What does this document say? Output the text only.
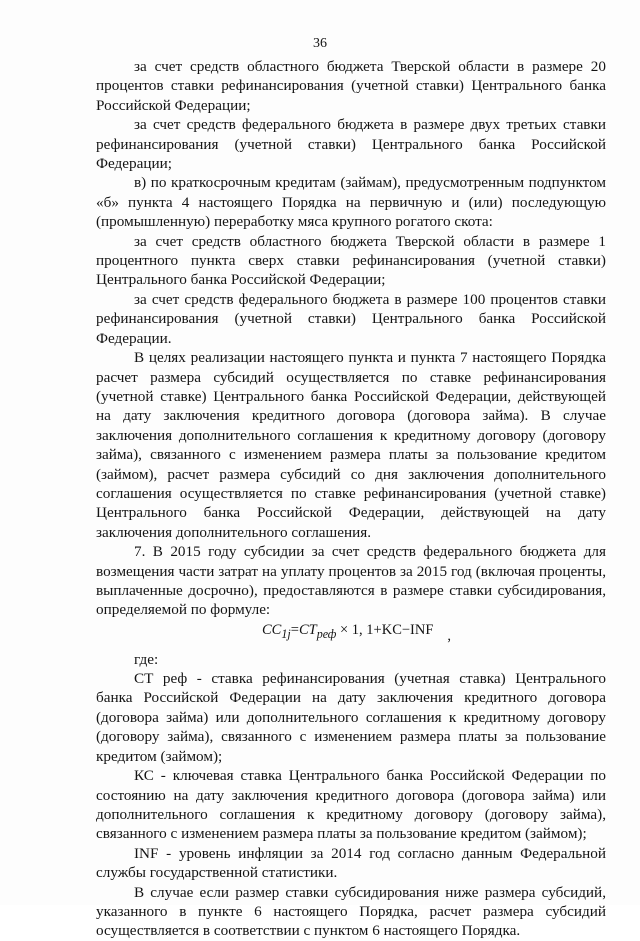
36

за счет средств областного бюджета Тверской области в размере 20 процентов ставки рефинансирования (учетной ставки) Центрального банка Российской Федерации;

за счет средств федерального бюджета в размере двух третьих ставки рефинансирования (учетной ставки) Центрального банка Российской Федерации;

в) по краткосрочным кредитам (займам), предусмотренным подпунктом «б» пункта 4 настоящего Порядка на первичную и (или) последующую (промышленную) переработку мяса крупного рогатого скота:

за счет средств областного бюджета Тверской области в размере 1 процентного пункта сверх ставки рефинансирования (учетной ставки) Центрального банка Российской Федерации;

за счет средств федерального бюджета в размере 100 процентов ставки рефинансирования (учетной ставки) Центрального банка Российской Федерации.

В целях реализации настоящего пункта и пункта 7 настоящего Порядка расчет размера субсидий осуществляется по ставке рефинансирования (учетной ставке) Центрального банка Российской Федерации, действующей на дату заключения кредитного договора (договора займа). В случае заключения дополнительного соглашения к кредитному договору (договору займа), связанного с изменением размера платы за пользование кредитом (займом), расчет размера субсидий со дня заключения дополнительного соглашения осуществляется по ставке рефинансирования (учетной ставке) Центрального банка Российской Федерации, действующей на дату заключения дополнительного соглашения.

7. В 2015 году субсидии за счет средств федерального бюджета для возмещения части затрат на уплату процентов за 2015 год (включая проценты, выплаченные досрочно), предоставляются в размере ставки субсидирования, определяемой по формуле:

$CC_{1j}=CT_{реф} \times 1$, 1+KC−INF ,

где:

СТ реф - ставка рефинансирования (учетная ставка) Центрального банка Российской Федерации на дату заключения кредитного договора (договора займа) или дополнительного соглашения к кредитному договору (договору займа), связанного с изменением размера платы за пользование кредитом (займом);

КС - ключевая ставка Центрального банка Российской Федерации по состоянию на дату заключения кредитного договора (договора займа) или дополнительного соглашения к кредитному договору (договору займа), связанного с изменением размера платы за пользование кредитом (займом);

INF - уровень инфляции за 2014 год согласно данным Федеральной службы государственной статистики.

В случае если размер ставки субсидирования ниже размера субсидий, указанного в пункте 6 настоящего Порядка, расчет размера субсидий осуществляется в соответствии с пунктом 6 настоящего Порядка.
